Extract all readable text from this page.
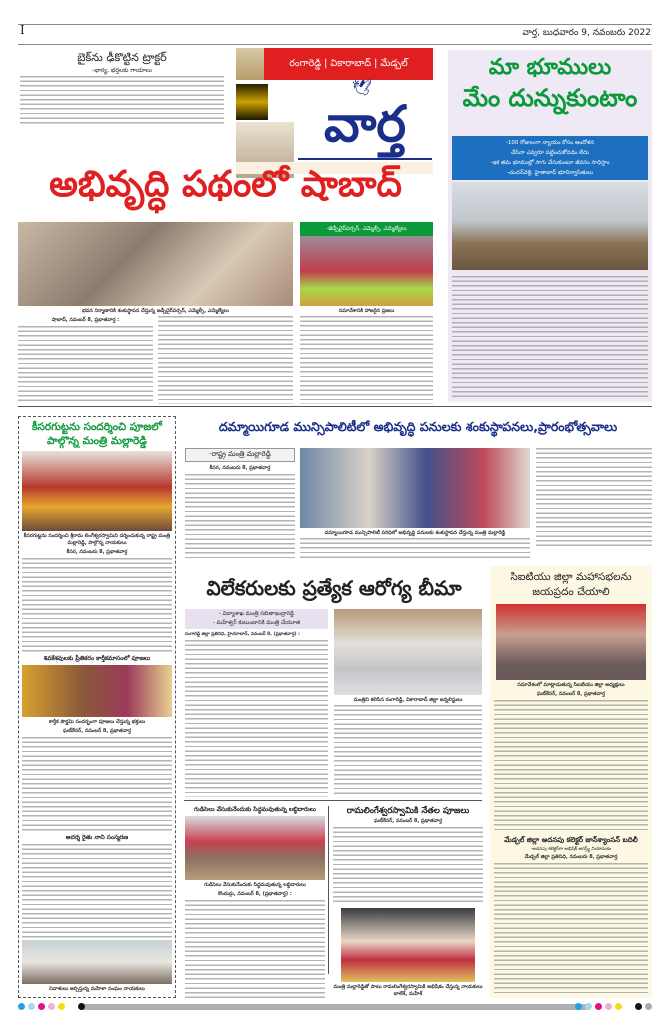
I	వార్త, బుధవారం 9, నవంబరు 2022
బైక్‌ను ఢీకొట్టిన ట్రాక్టర్
-భార్య, భర్తలకు గాయాలు
రంగారెడ్డి | వికారాబాద్ | మేడ్చల్
🕊
వార్త
మా భూములు
మేం దున్నుకుంటాం
-100 రోజులుగా న్యాయం కోసం ఆందోళన
చేసినా ఎవ్వరూ పట్టించుకోవడం లేదు
-ఇక తమ భూముల్లో సాగు చేసుకుంటూ జీవనం సాధిస్తాం
-చందన్‌వెళ్లి, హైతాబాద్ భూనిర్వాసితులు
అభివృద్ధి పథంలో షాబాద్
భవన నిర్మాణానికి శంకుస్థాపన చేస్తున్న జడ్పీచైర్‌పర్సన్, ఎమ్మెల్సీ, ఎమ్మెల్యేలు
షాబాద్, నవంబర్ 8, ప్రభాతవార్త :
-జెడ్పీచైర్‌పర్సన్, ఎమ్మెల్సీ, ఎమ్మెల్యేలు
సమావేశానికి హాజరైన ప్రజలు
కీసరగుట్టను సందర్శించి పూజలో పాల్గొన్న మంత్రి మల్లారెడ్డి
కీసరగుట్టను సందర్శించి శ్రీరామ లింగేశ్వరస్వామిని దర్శించుకున్న రాష్ట్ర మంత్రి మల్లారెడ్డి, పాల్గొన్న నాయకులు
కీసర, నవంబరు 8, ప్రభాతవార్త
శివకేశవులకు ప్రీతికరం కార్తీకమాసంలో పూజలు
కార్తీక పౌర్ణమి సందర్భంగా పూజలు చేస్తున్న భక్తులు
ఘట్‌కేసర్, నవంబర్ 8, ప్రభాతవార్త
ఆదర్శ రైతు నాని సంస్మరణ
నివాళులు అర్పిస్తున్న మహిళా సంఘం నాయకులు
దమ్మాయిగూడ మున్సిపాలిటీలో అభివృద్ధి పనులకు శంకుస్థాపనలు,ప్రారంభోత్సవాలు
-రాష్ట్ర మంత్రి మల్లారెడ్డి
కీసర, నవంబరు 8, ప్రభాతవార్త
దమ్మాయిగూడ మున్సిపాలిటీ పరిధిలో అభివృద్ధి పనులకు శంకుస్థాపన చేస్తున్న మంత్రి మల్లారెడ్డి
విలేకరులకు ప్రత్యేక ఆరోగ్య బీమా
- విద్యాశాఖ మంత్రి సబితాఇంద్రారెడ్డి
- మహేశ్వర్ కుటుంబానికి మంత్రి చేయూత
రంగారెడ్డి జిల్లా ప్రతినిధి, హైదరాబాద్, నవంబర్ 8, (ప్రభాతవార్త) :
మంత్రిని కలిసిన రంగారెడ్డి, వికారాబాద్ జిల్లా జర్నలిస్టులు
సిఐటియు జిల్లా మహాసభలను జయప్రదం చేయాలి
సమావేశంలో మాట్లాడుతున్న సిఐటియు జిల్లా అధ్యక్షులు
ఘట్‌కేసర్, నవంబర్ 8, ప్రభాతవార్త
మేడ్చల్ జిల్లా అదనపు కలెక్టర్ జాన్‌శ్యాంసన్ బదిలీ
-అదనపు కలెక్టర్‌గా అభిషేక్ అగస్త్య్ నియామకం
మేడ్చల్ జిల్లా ప్రతినిధి, నవంబరు 8, ప్రభాతవార్త
గుడిసెలు వేసుకునేందుకు సిద్ధమవుతున్న లబ్ధిదారులు
గుడిసెలు వేసుకునేందుకు సిద్ధమవుతున్న లబ్ధిదారులు
కొందుర్గు, నవంబర్ 8, (ప్రభాతవార్త) :
రామలింగేశ్వరస్వామికి నేతల పూజలు
ఘట్‌కేసర్, నవంబర్ 8, ప్రభాతవార్త
మంత్రి మల్లారెడ్డితో పాటు రామలింగేశ్వరస్వామికి అభిషేకం చేస్తున్న నాయకులు బాలేశ్, మహేశ్
